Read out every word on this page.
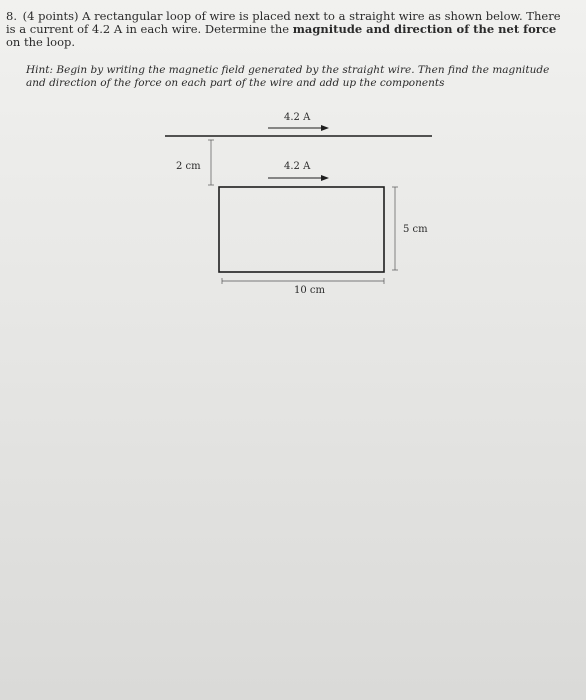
8. (4 points) A rectangular loop of wire is placed next to a straight wire as shown below. There is a current of 4.2 A in each wire. Determine the magnitude and direction of the net force on the loop.
Hint: Begin by writing the magnetic field generated by the straight wire. Then find the magnitude and direction of the force on each part of the wire and add up the components
4.2 A
4.2 A
2 cm
5 cm
10 cm
